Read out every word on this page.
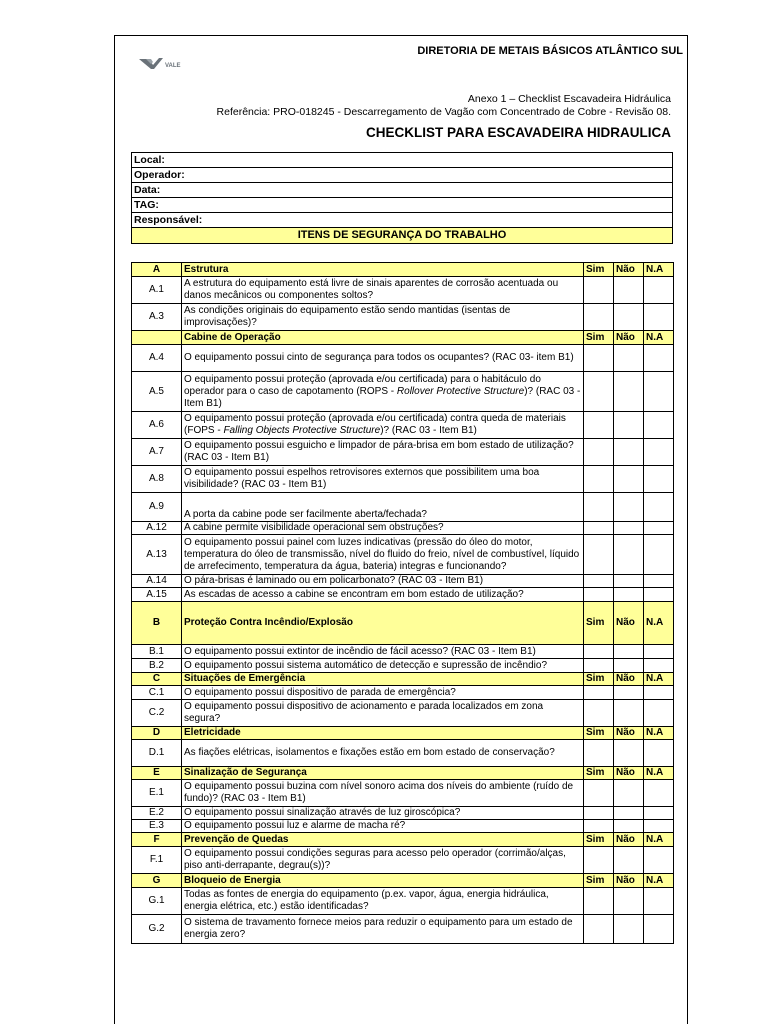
VALE
DIRETORIA DE METAIS BÁSICOS ATLÂNTICO SUL
Anexo 1 – Checklist Escavadeira Hidráulica
Referência: PRO-018245 - Descarregamento de Vagão com Concentrado de Cobre - Revisão 08.
CHECKLIST PARA ESCAVADEIRA HIDRAULICA
Local:
Operador:
Data:
TAG:
Responsável:
ITENS DE SEGURANÇA DO TRABALHO
A	Estrutura	Sim	Não	N.A
A.1	A estrutura do equipamento está livre de sinais aparentes de corrosão acentuada ou danos mecânicos ou componentes soltos?			
A.3	As condições originais do equipamento estão sendo mantidas (isentas de improvisações)?			
	Cabine de Operação	Sim	Não	N.A
A.4	O equipamento possui cinto de segurança para todos os ocupantes? (RAC 03- item B1)			
A.5	O equipamento possui proteção (aprovada e/ou certificada) para o habitáculo do operador para o caso de capotamento (ROPS - Rollover Protective Structure)? (RAC 03 - Item B1)			
A.6	O equipamento possui proteção (aprovada e/ou certificada) contra queda de materiais (FOPS - Falling Objects Protective Structure)? (RAC 03 - Item B1)			
A.7	O equipamento possui esguicho e limpador de pára-brisa em bom estado de utilização? (RAC 03 - Item B1)			
A.8	O equipamento possui espelhos retrovisores externos que possibilitem uma boa visibilidade? (RAC 03 - Item B1)			
A.9	A porta da cabine pode ser facilmente aberta/fechada?			
A.12	A cabine permite visibilidade operacional sem obstruções?			
A.13	O equipamento possui painel com luzes indicativas (pressão do óleo do motor, temperatura do óleo de transmissão, nível do fluido do freio, nível de combustível, líquido de arrefecimento, temperatura da água, bateria) integras e funcionando?			
A.14	O pára-brisas é laminado ou em policarbonato? (RAC 03 - Item B1)			
A.15	As escadas de acesso a cabine se encontram em bom estado de utilização?			
B	Proteção Contra Incêndio/Explosão	Sim	Não	N.A
B.1	O equipamento possui extintor de incêndio de fácil acesso? (RAC 03 - Item B1)			
B.2	O equipamento possui sistema automático de detecção e supressão de incêndio?			
C	Situações de Emergência	Sim	Não	N.A
C.1	O equipamento possui dispositivo de parada de emergência?			
C.2	O equipamento possui dispositivo de acionamento e parada localizados em zona segura?			
D	Eletricidade	Sim	Não	N.A
D.1	As fiações elétricas, isolamentos e fixações estão em bom estado de conservação?			
E	Sinalização de Segurança	Sim	Não	N.A
E.1	O equipamento possui buzina com nível sonoro acima dos níveis do ambiente (ruído de fundo)? (RAC 03 - Item B1)			
E.2	O equipamento possui sinalização através de luz giroscópica?			
E.3	O equipamento possui luz e alarme de macha ré?			
F	Prevenção de Quedas	Sim	Não	N.A
F.1	O equipamento possui condições seguras para acesso pelo operador (corrimão/alças, piso anti-derrapante, degrau(s))?			
G	Bloqueio de Energia	Sim	Não	N.A
G.1	Todas as fontes de energia do equipamento (p.ex. vapor, água, energia hidráulica, energia elétrica, etc.) estão identificadas?			
G.2	O sistema de travamento fornece meios para reduzir o equipamento para um estado de energia zero?			
